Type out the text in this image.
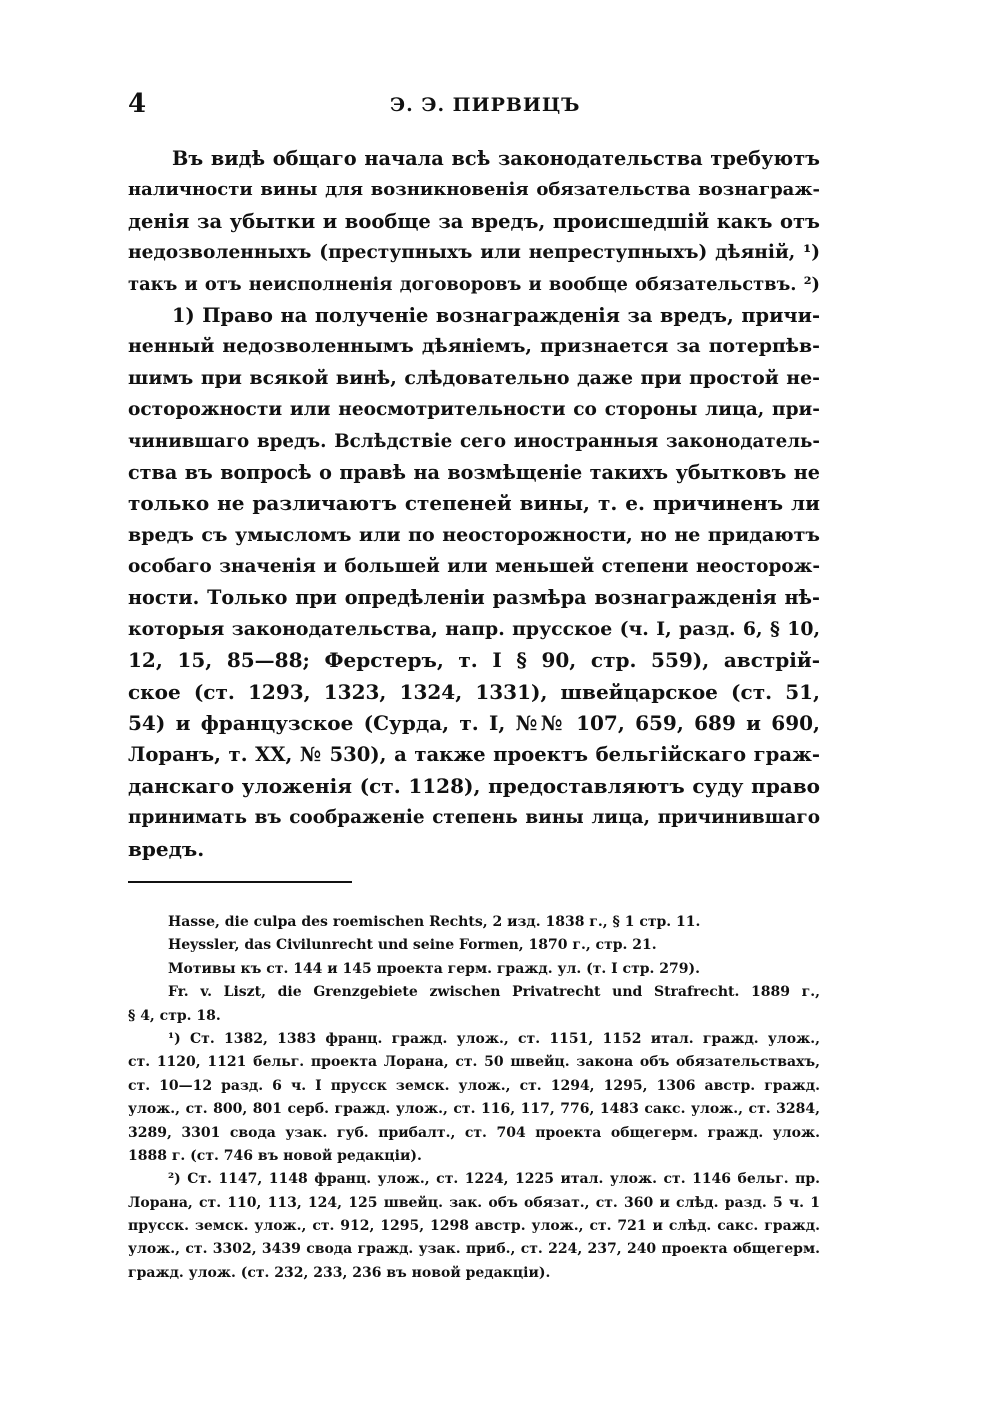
4	Э. Э. ПИРВИЦЪ
Въ видѣ общаго начала всѣ законодательства требуютъ
наличности вины для возникновенія обязательства вознаграж-
денія за убытки и вообще за вредъ, происшедшій какъ отъ
недозволенныхъ (преступныхъ или непреступныхъ) дѣяній, ¹)
такъ и отъ неисполненія договоровъ и вообще обязательствъ. ²)
1) Право на полученіе вознагражденія за вредъ, причи-
ненный недозволеннымъ дѣяніемъ, признается за потерпѣв-
шимъ при всякой винѣ, слѣдовательно даже при простой не-
осторожности или неосмотрительности со стороны лица, при-
чинившаго вредъ. Вслѣдствіе сего иностранныя законодатель-
ства въ вопросѣ о правѣ на возмѣщеніе такихъ убытковъ не
только не различаютъ степеней вины, т. е. причиненъ ли
вредъ съ умысломъ или по неосторожности, но не придаютъ
особаго значенія и большей или меньшей степени неосторож-
ности. Только при опредѣленіи размѣра вознагражденія нѣ-
которыя законодательства, напр. прусское (ч. I, разд. 6, § 10,
12, 15, 85—88; Ферстеръ, т. I § 90, стр. 559), австрій-
ское (ст. 1293, 1323, 1324, 1331), швейцарское (ст. 51,
54) и французское (Сурда, т. I, №№ 107, 659, 689 и 690,
Лоранъ, т. XX, № 530), а также проектъ бельгійскаго граж-
данскаго уложенія (ст. 1128), предоставляютъ суду право
принимать въ соображеніе степень вины лица, причинившаго
вредъ.
Hasse, die culpa des roemischen Rechts, 2 изд. 1838 г., § 1 стр. 11.
Heyssler, das Civilunrecht und seine Formen, 1870 г., стр. 21.
Мотивы къ ст. 144 и 145 проекта герм. гражд. ул. (т. I стр. 279).
Fr. v. Liszt, die Grenzgebiete zwischen Privatrecht und Strafrecht. 1889 г.,
§ 4, стр. 18.
¹) Ст. 1382, 1383 франц. гражд. улож., ст. 1151, 1152 итал. гражд. улож.,
ст. 1120, 1121 бельг. проекта Лорана, ст. 50 швейц. закона объ обязательствахъ,
ст. 10—12 разд. 6 ч. I прусск земск. улож., ст. 1294, 1295, 1306 австр. гражд.
улож., ст. 800, 801 серб. гражд. улож., ст. 116, 117, 776, 1483 сакс. улож., ст. 3284,
3289, 3301 свода узак. губ. прибалт., ст. 704 проекта общегерм. гражд. улож.
1888 г. (ст. 746 въ новой редакціи).
²) Ст. 1147, 1148 франц. улож., ст. 1224, 1225 итал. улож. ст. 1146 бельг. пр.
Лорана, ст. 110, 113, 124, 125 швейц. зак. объ обязат., ст. 360 и слѣд. разд. 5 ч. 1
прусск. земск. улож., ст. 912, 1295, 1298 австр. улож., ст. 721 и слѣд. сакс. гражд.
улож., ст. 3302, 3439 свода гражд. узак. приб., ст. 224, 237, 240 проекта общегерм.
гражд. улож. (ст. 232, 233, 236 въ новой редакціи).
